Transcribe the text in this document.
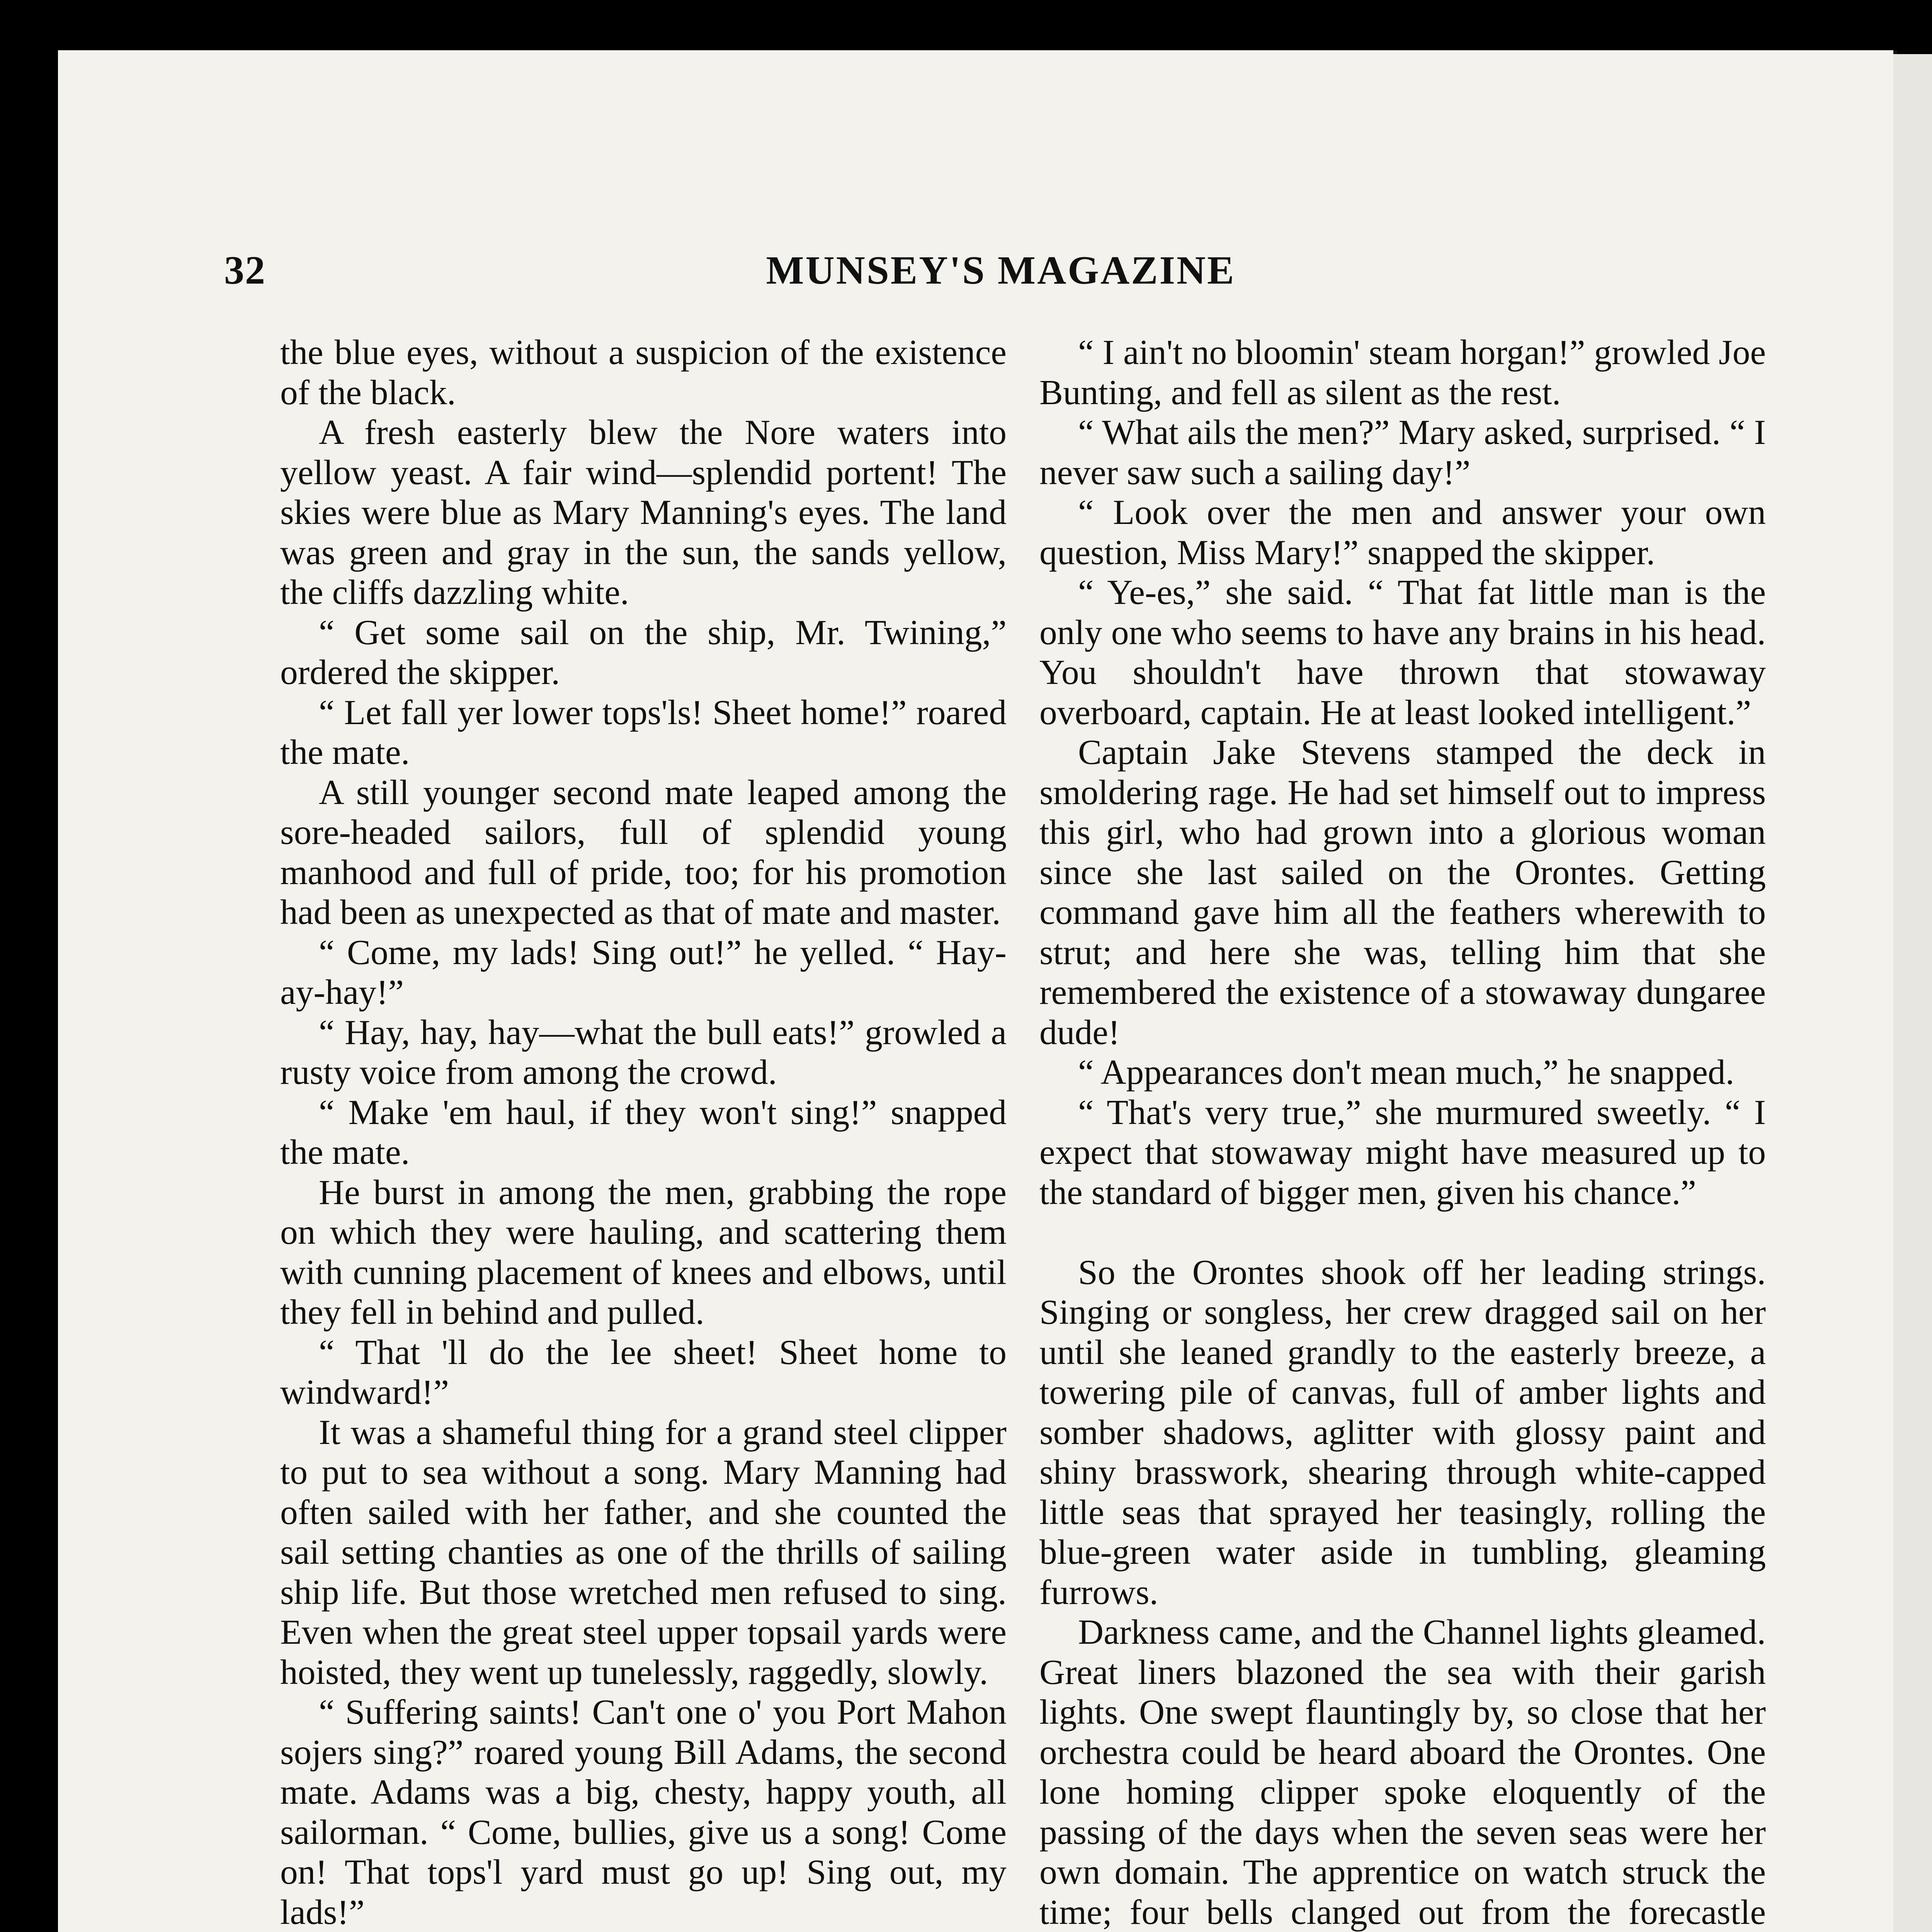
32	MUNSEY'S MAGAZINE

the blue eyes, without a suspicion of the existence of the black.

A fresh easterly blew the Nore waters into yellow yeast. A fair wind—splendid portent! The skies were blue as Mary Manning's eyes. The land was green and gray in the sun, the sands yellow, the cliffs dazzling white.

“ Get some sail on the ship, Mr. Twining,” ordered the skipper.

“ Let fall yer lower tops'ls! Sheet home!” roared the mate.

A still younger second mate leaped among the sore-headed sailors, full of splendid young manhood and full of pride, too; for his promotion had been as unexpected as that of mate and master.

“ Come, my lads! Sing out!” he yelled. “ Hay-ay-hay!”

“ Hay, hay, hay—what the bull eats!” growled a rusty voice from among the crowd.

“ Make 'em haul, if they won't sing!” snapped the mate.

He burst in among the men, grabbing the rope on which they were hauling, and scattering them with cunning placement of knees and elbows, until they fell in behind and pulled.

“ That 'll do the lee sheet! Sheet home to windward!”

It was a shameful thing for a grand steel clipper to put to sea without a song. Mary Manning had often sailed with her father, and she counted the sail setting chanties as one of the thrills of sailing ship life. But those wretched men refused to sing. Even when the great steel upper topsail yards were hoisted, they went up tunelessly, raggedly, slowly.

“ Suffering saints! Can't one o' you Port Mahon sojers sing?” roared young Bill Adams, the second mate. Adams was a big, chesty, happy youth, all sailorman. “ Come, bullies, give us a song! Come on! That tops'l yard must go up! Sing out, my lads!”

“ I ain't no bloomin' steam horgan!” growled Joe Bunting, and fell as silent as the rest.

“ What ails the men?” Mary asked, surprised. “ I never saw such a sailing day!”

“ Look over the men and answer your own question, Miss Mary!” snapped the skipper.

“ Ye-es,” she said. “ That fat little man is the only one who seems to have any brains in his head. You shouldn't have thrown that stowaway overboard, captain. He at least looked intelligent.”

Captain Jake Stevens stamped the deck in smoldering rage. He had set himself out to impress this girl, who had grown into a glorious woman since she last sailed on the Orontes. Getting command gave him all the feathers wherewith to strut; and here she was, telling him that she remembered the existence of a stowaway dungaree dude!

“ Appearances don't mean much,” he snapped.

“ That's very true,” she murmured sweetly. “ I expect that stowaway might have measured up to the standard of bigger men, given his chance.”

So the Orontes shook off her leading strings. Singing or songless, her crew dragged sail on her until she leaned grandly to the easterly breeze, a towering pile of canvas, full of amber lights and somber shadows, aglitter with glossy paint and shiny brasswork, shearing through white-capped little seas that sprayed her teasingly, rolling the blue-green water aside in tumbling, gleaming furrows.

Darkness came, and the Channel lights gleamed. Great liners blazoned the sea with their garish lights. One swept flauntingly by, so close that her orchestra could be heard aboard the Orontes. One lone homing clipper spoke eloquently of the passing of the days when the seven seas were her own domain. The apprentice on watch struck the time; four bells clanged out from the forecastle
